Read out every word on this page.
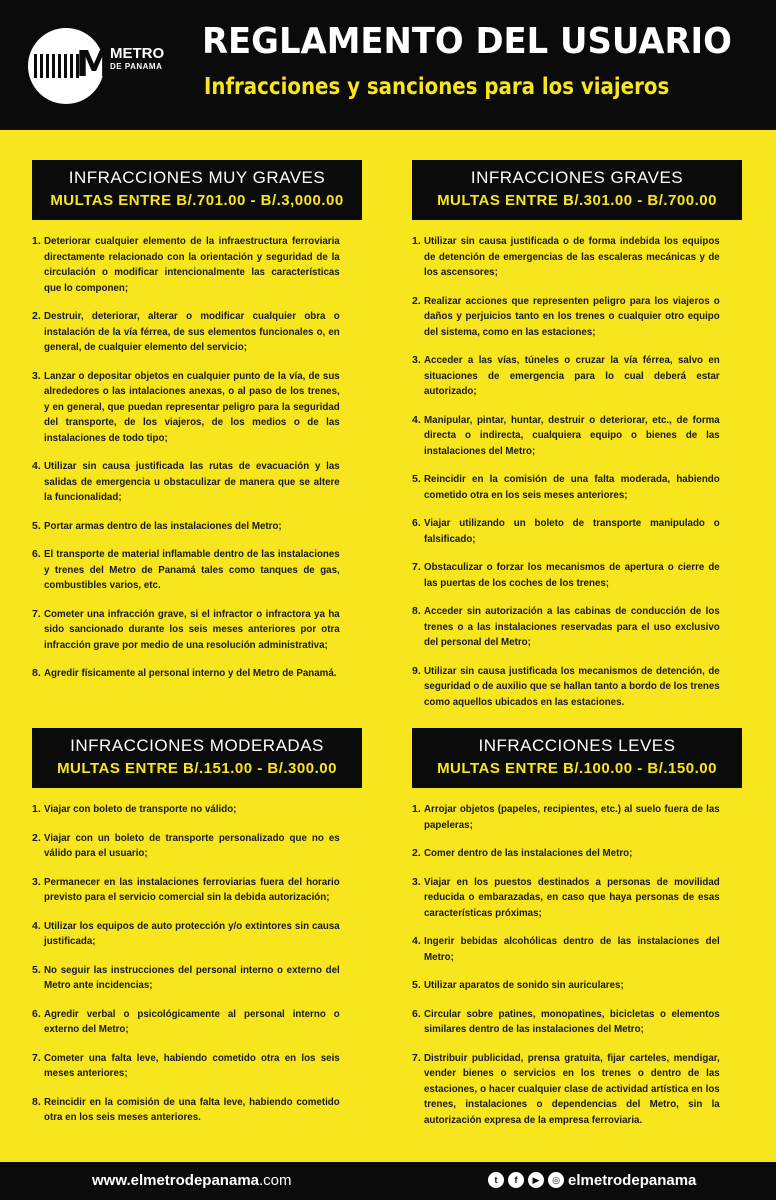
M
METRO
DE PANAMA
REGLAMENTO DEL USUARIO
Infracciones y sanciones para los viajeros
INFRACCIONES MUY GRAVES
MULTAS ENTRE B/.701.00 - B/.3,000.00
1 . Deteriorar cualquier elemento de la infraestructura ferroviaria directamente relacionado con la orientación y seguridad de la circulación o modificar intencionalmente las características que lo componen;
2 . Destruir, deteriorar, alterar o modificar cualquier obra o instalación de la vía férrea, de sus elementos funcionales o, en general, de cualquier elemento del servicio;
3 . Lanzar o depositar objetos en cualquier punto de la vía, de sus alrededores o las intalaciones anexas, o al paso de los trenes, y en general, que puedan representar peligro para la seguridad del transporte, de los viajeros, de los medios o de las instalaciones de todo tipo;
4 . Utilizar sin causa justificada las rutas de evacuación y las salidas de emergencia u obstaculizar de manera que se altere la funcionalidad;
5 . Portar armas dentro de las instalaciones del Metro;
6 . El transporte de material inflamable dentro de las instalaciones y trenes del Metro de Panamá tales como tanques de gas, combustibles varios, etc.
7 . Cometer una infracción grave, si el infractor o infractora ya ha sido sancionado durante los seis meses anteriores por otra infracción grave por medio de una resolución administrativa;
8 . Agredir físicamente al personal interno y del Metro de Panamá.
INFRACCIONES GRAVES
MULTAS ENTRE B/.301.00 - B/.700.00
1 . Utilizar sin causa justificada o de forma indebida los equipos de detención de emergencias de las escaleras mecánicas y de los ascensores;
2 . Realizar acciones que representen peligro para los viajeros o daños y perjuicios tanto en los trenes o cualquier otro equipo del sistema, como en las estaciones;
3 . Acceder a las vías, túneles o cruzar la vía férrea, salvo en situaciones de emergencia para lo cual deberá estar autorizado;
4 . Manipular, pintar, huntar, destruir o deteriorar, etc., de forma directa o indirecta, cualquiera equipo o bienes de las instalaciones del Metro;
5 . Reincidir en la comisión de una falta moderada, habiendo cometido otra en los seis meses anteriores;
6 . Viajar utilizando un boleto de transporte manipulado o falsificado;
7 . Obstaculizar o forzar los mecanismos de apertura o cierre de las puertas de los coches de los trenes;
8 . Acceder sin autorización a las cabinas de conducción de los trenes o a las instalaciones reservadas para el uso exclusivo del personal del Metro;
9 . Utilizar sin causa justificada los mecanismos de detención, de seguridad o de auxilio que se hallan tanto a bordo de los trenes como aquellos ubicados en las estaciones.
INFRACCIONES MODERADAS
MULTAS ENTRE B/.151.00 - B/.300.00
1 . Viajar con boleto de transporte no válido;
2 . Viajar con un boleto de transporte personalizado que no es válido para el usuario;
3 . Permanecer en las instalaciones ferroviarias fuera del horario previsto para el servicio comercial sin la debida autorización;
4 . Utilizar los equipos de auto protección y/o extintores sin causa justificada;
5 . No seguir las instrucciones del personal interno o externo del Metro ante incidencias;
6 . Agredir verbal o psicológicamente al personal interno o externo del Metro;
7 . Cometer una falta leve, habiendo cometido otra en los seis meses anteriores;
8 . Reincidir en la comisión de una falta leve, habiendo cometido otra en los seis meses anteriores.
INFRACCIONES LEVES
MULTAS ENTRE B/.100.00 - B/.150.00
1 . Arrojar objetos (papeles, recipientes, etc.) al suelo fuera de las papeleras;
2 . Comer dentro de las instalaciones del Metro;
3 . Viajar en los puestos destinados a personas de movilidad reducida o embarazadas, en caso que haya personas de esas características próximas;
4 . Ingerir bebidas alcohólicas dentro de las instalaciones del Metro;
5 . Utilizar aparatos de sonido sin auriculares;
6 . Circular sobre patines, monopatines, bicicletas o elementos similares dentro de las instalaciones del Metro;
7 . Distribuir publicidad, prensa gratuita, fijar carteles, mendigar, vender bienes o servicios en los trenes o dentro de las estaciones, o hacer cualquier clase de actividad artística en los trenes, instalaciones o dependencias del Metro, sin la autorización expresa de la empresa ferroviaria.
www.elmetrodepanama.com	t	f	▶	◎ elmetrodepanama
